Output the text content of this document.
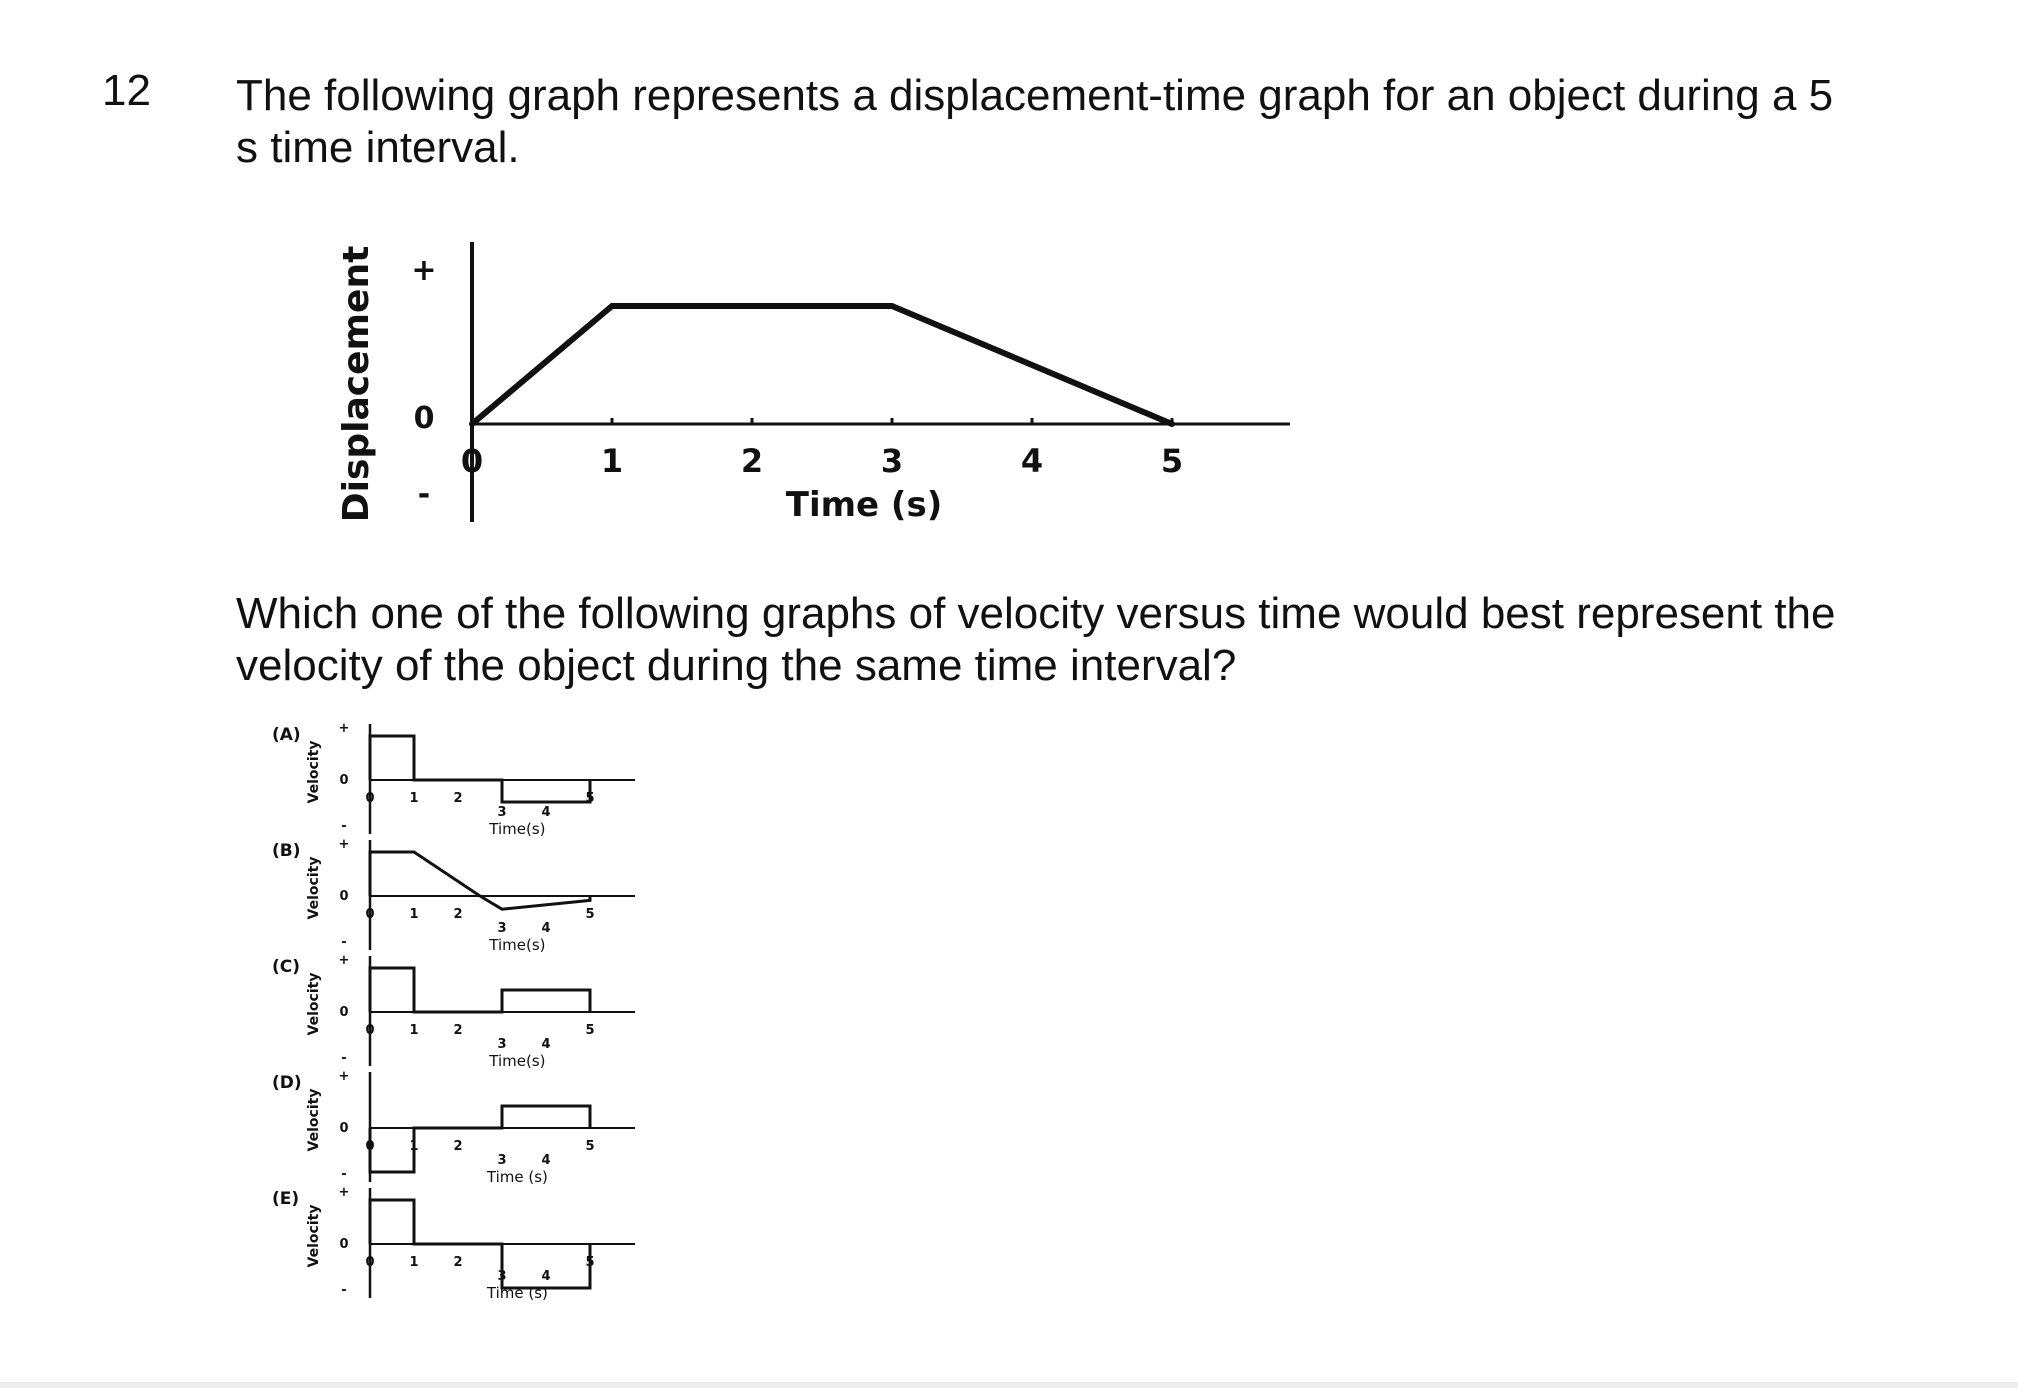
12 The following graph represents a displacement-time graph for an object during a 5
s time interval.
0	1	2	3	4	5
+
0
-
Displacement	Time (s)
Which one of the following graphs of velocity versus time would best represent the
velocity of the object during the same time interval?
(A)
Velocity
+
0
-
0	1	2
3	4
5
Time(s)
(B)
Velocity
+
0
-
0	1	2
3	4
5
Time(s)
(C)
Velocity
+
0
-
0	1	2
3	4
5
Time(s)
(D)
Velocity
+
0
-
0	1	2
3	4
5
Time (s)
(E)
Velocity
+
0
-
0	1	2
3	4
5
Time (s)
